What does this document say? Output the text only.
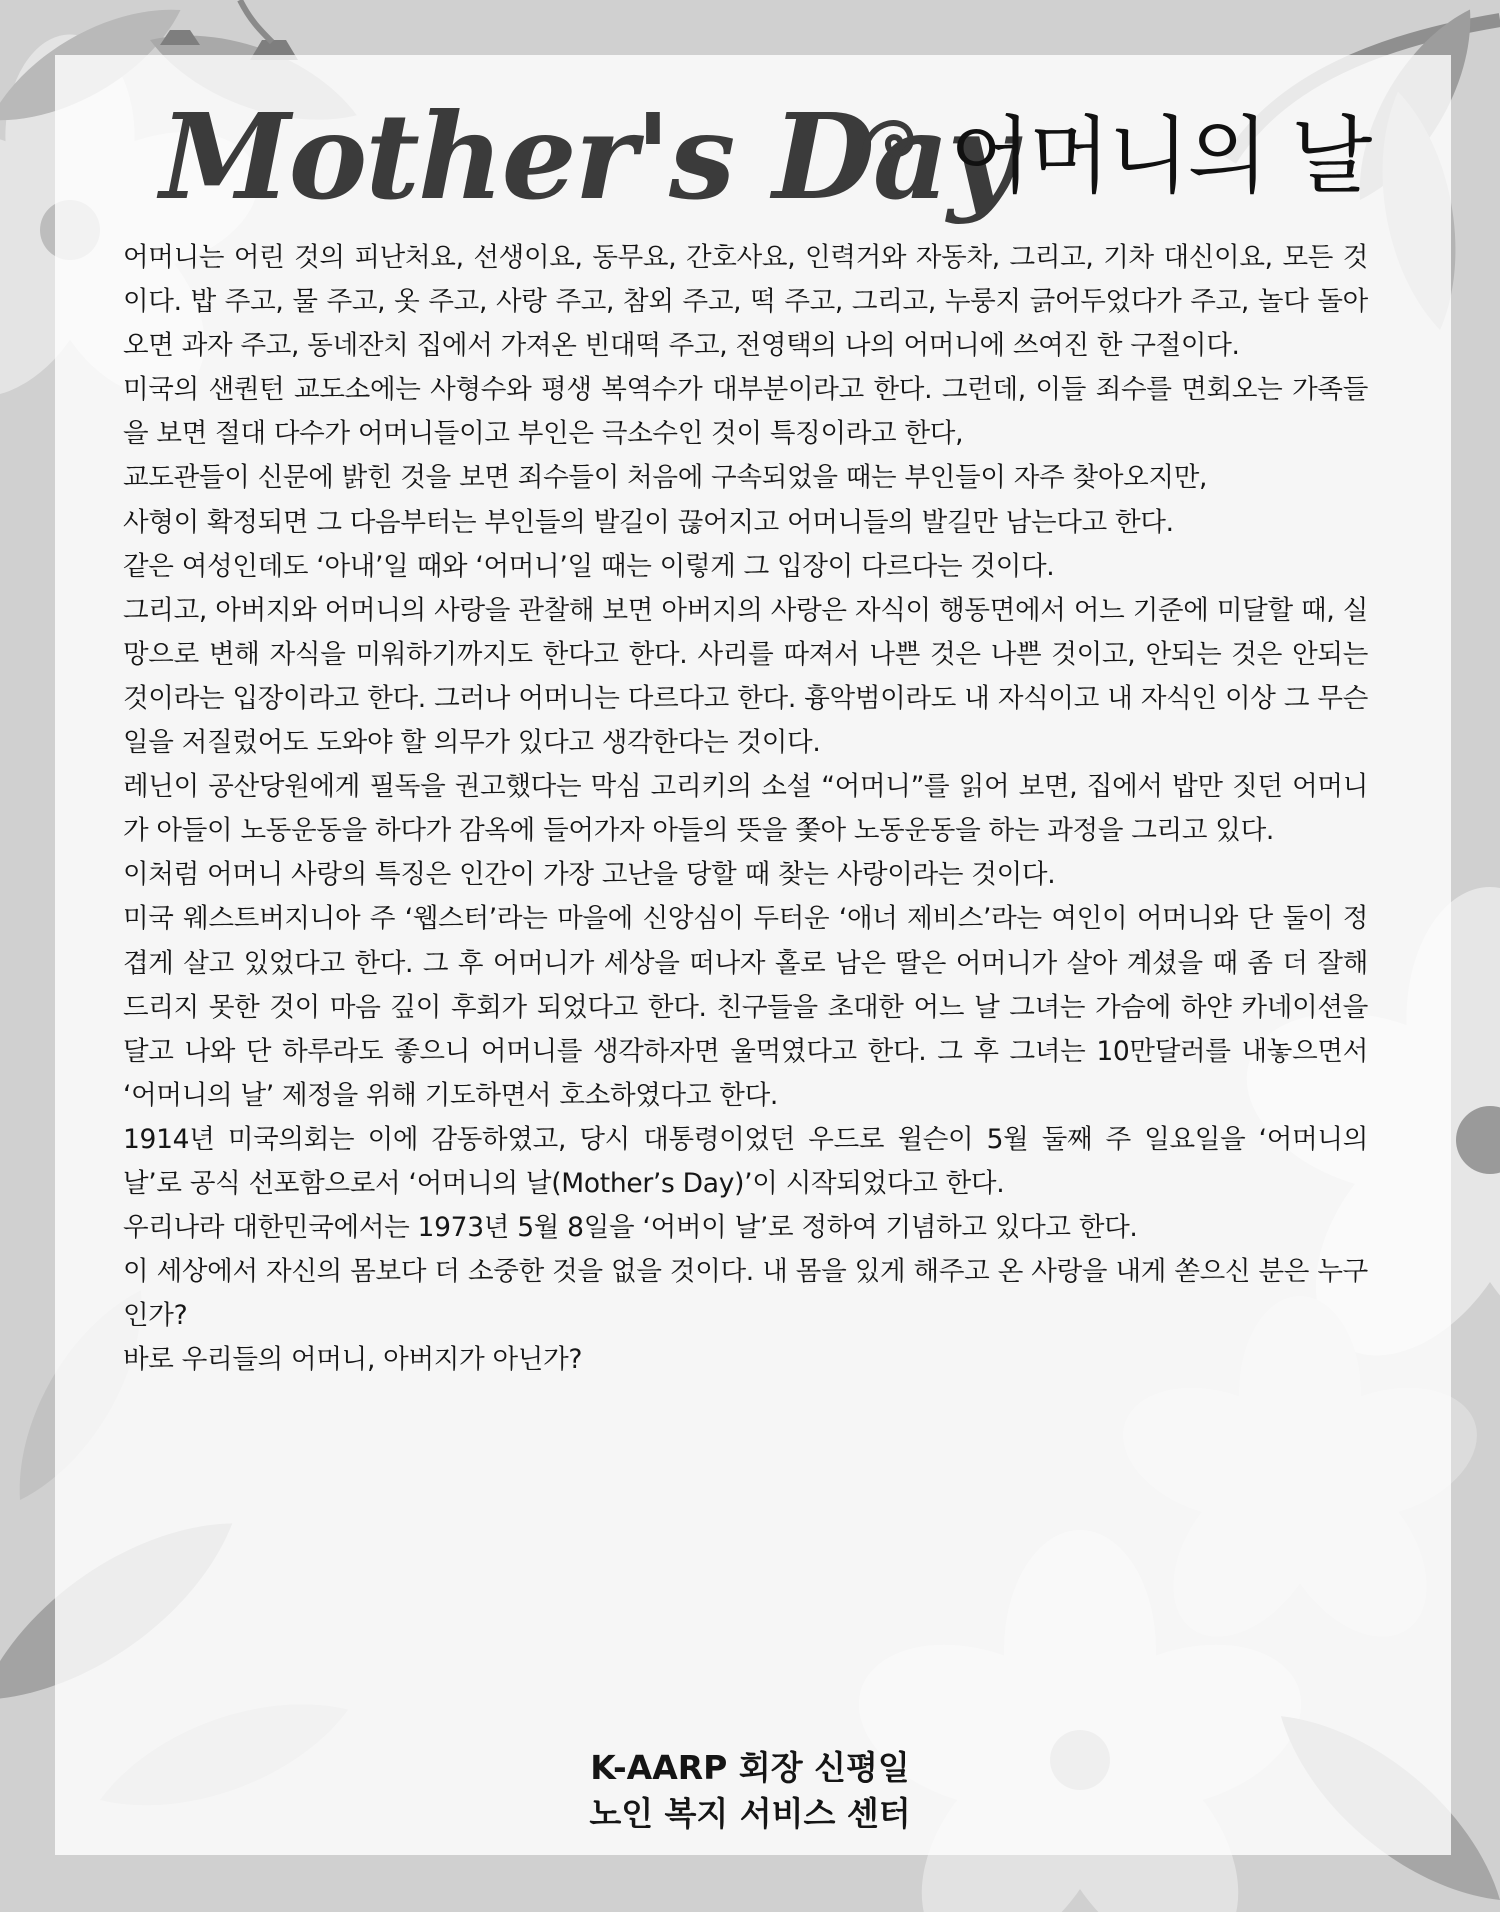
Mother's Day
어머니의 날

어머니는 어린 것의 피난처요, 선생이요, 동무요, 간호사요, 인력거와 자동차, 그리고, 기차 대신이요, 모든 것이다. 밥 주고, 물 주고, 옷 주고, 사랑 주고, 참외 주고, 떡 주고, 그리고, 누룽지 긁어두었다가 주고, 놀다 돌아오면 과자 주고, 동네잔치 집에서 가져온 빈대떡 주고, 전영택의 나의 어머니에 쓰여진 한 구절이다.

미국의 샌퀀턴 교도소에는 사형수와 평생 복역수가 대부분이라고 한다. 그런데, 이들 죄수를 면회오는 가족들을 보면 절대 다수가 어머니들이고 부인은 극소수인 것이 특징이라고 한다,

교도관들이 신문에 밝힌 것을 보면 죄수들이 처음에 구속되었을 때는 부인들이 자주 찾아오지만,

사형이 확정되면 그 다음부터는 부인들의 발길이 끊어지고 어머니들의 발길만 남는다고 한다.

같은 여성인데도 ‘아내’일 때와 ‘어머니’일 때는 이렇게 그 입장이 다르다는 것이다.

그리고, 아버지와 어머니의 사랑을 관찰해 보면 아버지의 사랑은 자식이 행동면에서 어느 기준에 미달할 때, 실망으로 변해 자식을 미워하기까지도 한다고 한다. 사리를 따져서 나쁜 것은 나쁜 것이고, 안되는 것은 안되는 것이라는 입장이라고 한다. 그러나 어머니는 다르다고 한다. 흉악범이라도 내 자식이고 내 자식인 이상 그 무슨 일을 저질렀어도 도와야 할 의무가 있다고 생각한다는 것이다.

레닌이 공산당원에게 필독을 권고했다는 막심 고리키의 소설 “어머니”를 읽어 보면, 집에서 밥만 짓던 어머니가 아들이 노동운동을 하다가 감옥에 들어가자 아들의 뜻을 쫓아 노동운동을 하는 과정을 그리고 있다.

이처럼 어머니 사랑의 특징은 인간이 가장 고난을 당할 때 찾는 사랑이라는 것이다.

미국 웨스트버지니아 주 ‘웹스터’라는 마을에 신앙심이 두터운 ‘애너 제비스’라는 여인이 어머니와 단 둘이 정겹게 살고 있었다고 한다. 그 후 어머니가 세상을 떠나자 홀로 남은 딸은 어머니가 살아 계셨을 때 좀 더 잘해 드리지 못한 것이 마음 깊이 후회가 되었다고 한다. 친구들을 초대한 어느 날 그녀는 가슴에 하얀 카네이션을 달고 나와 단 하루라도 좋으니 어머니를 생각하자면 울먹였다고 한다. 그 후 그녀는 10만달러를 내놓으면서 ‘어머니의 날’ 제정을 위해 기도하면서 호소하였다고 한다.

1914년 미국의회는 이에 감동하였고, 당시 대통령이었던 우드로 윌슨이 5월 둘째 주 일요일을 ‘어머니의 날’로 공식 선포함으로서 ‘어머니의 날(Mother’s Day)’이 시작되었다고 한다.

우리나라 대한민국에서는 1973년 5월 8일을 ‘어버이 날’로 정하여 기념하고 있다고 한다.

이 세상에서 자신의 몸보다 더 소중한 것을 없을 것이다. 내 몸을 있게 해주고 온 사랑을 내게 쏟으신 분은 누구인가?

바로 우리들의 어머니, 아버지가 아닌가?

K-AARP 회장 신평일
노인 복지 서비스 센터
